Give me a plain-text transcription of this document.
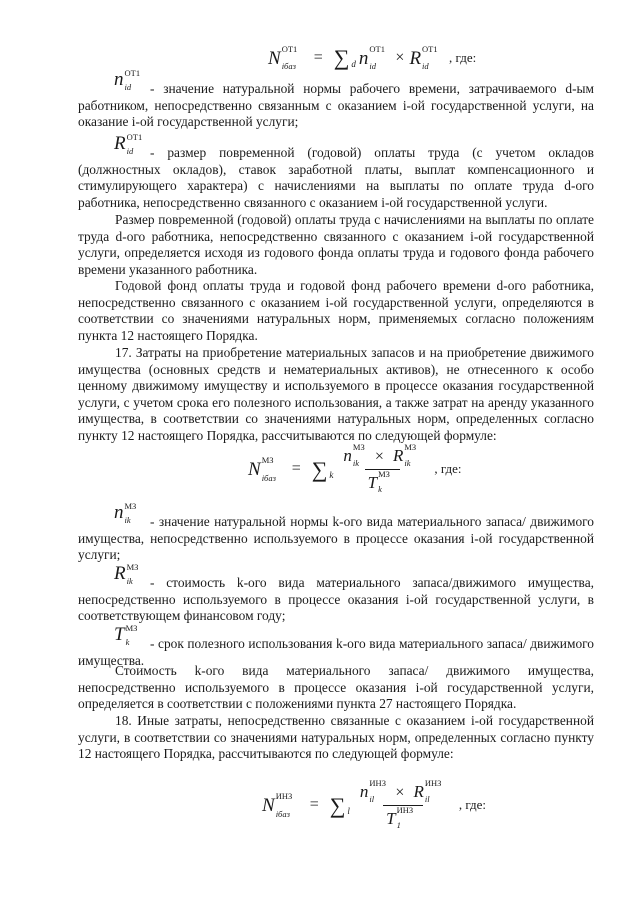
N ОТ1
iбаз
= ∑ d n ОТ1
id
× R ОТ1
id
, где:
n ОТ1
id	- значение натуральной нормы рабочего времени, затрачиваемого d-ым работником, непосредственно связанным с оказанием i-ой государственной услуги, на оказание i-ой государственной услуги;

R ОТ1
id	- размер повременной (годовой) оплаты труда (с учетом окладов (должностных окладов), ставок заработной платы, выплат компенсационного и стимулирующего характера) с начислениями на выплаты по оплате труда d-ого работника, непосредственно связанного с оказанием i-ой государственной услуги.

Размер повременной (годовой) оплаты труда с начислениями на выплаты по оплате труда d-ого работника, непосредственно связанного с оказанием i-ой государственной услуги, определяется исходя из годового фонда оплаты труда и годового фонда рабочего времени указанного работника.

Годовой фонд оплаты труда и годовой фонд рабочего времени d-ого работника, непосредственно связанного с оказанием i-ой государственной услуги, определяются в соответствии со значениями натуральных норм, применяемых согласно положениям пункта 12 настоящего Порядка.

17. Затраты на приобретение материальных запасов и на приобретение движимого имущества (основных средств и нематериальных активов), не отнесенного к особо ценному движимому имуществу и используемого в процессе оказания государственной услуги, с учетом срока его полезного использования, а также затрат на аренду указанного имущества, в соответствии со значениями натуральных норм, определенных согласно пункту 12 настоящего Порядка, рассчитываются по следующей формуле:

N МЗ
iбаз
= ∑ k n МЗ
ik × R МЗ
ik

T МЗ
k
, где:
n МЗ
ik	- значение натуральной нормы k-ого вида материального запаса/ движимого имущества, непосредственно используемого в процессе оказания i-ой государственной услуги;

R МЗ
ik	- стоимость k-ого вида материального запаса/движимого имущества, непосредственно используемого в процессе оказания i-ой государственной услуги, в соответствующем финансовом году;

T МЗ
k	- срок полезного использования k-ого вида материального запаса/ движимого имущества.

Стоимость k-ого вида материального запаса/ движимого имущества, непосредственно используемого в процессе оказания i-ой государственной услуги, определяется в соответствии с положениями пункта 27 настоящего Порядка.

18. Иные затраты, непосредственно связанные с оказанием i-ой государственной услуги, в соответствии со значениями натуральных норм, определенных согласно пункту 12 настоящего Порядка, рассчитываются по следующей формуле:

N ИНЗ
iбаз
= ∑ l n ИНЗ
il × R ИНЗ
il

T ИНЗ
1
, где:
